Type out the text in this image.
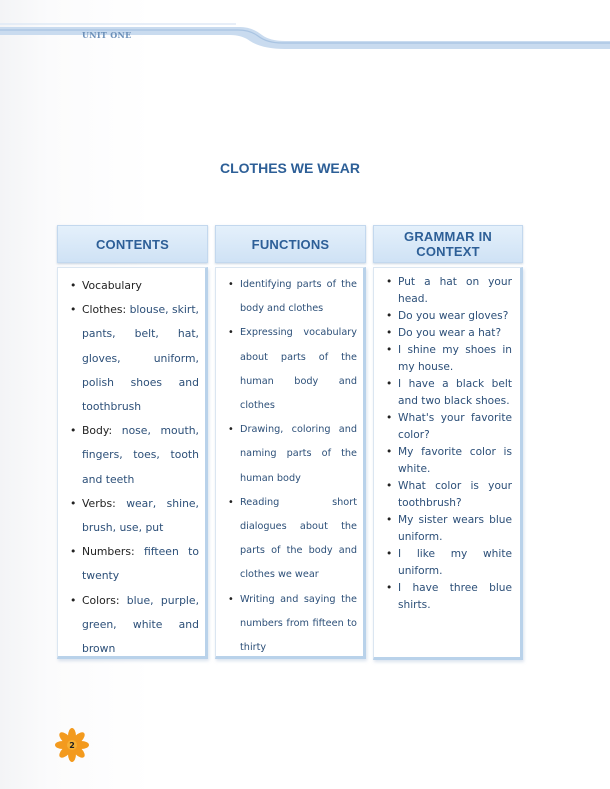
UNIT ONE
CLOTHES WE WEAR
CONTENTS
• Vocabulary
• Clothes: blouse, skirt, pants, belt, hat, gloves, uniform, polish shoes and toothbrush
• Body: nose, mouth, fingers, toes, tooth and teeth
• Verbs: wear, shine, brush, use, put
• Numbers: fifteen to twenty
• Colors: blue, purple, green, white and brown
FUNCTIONS
• Identifying parts of the body and clothes
• Expressing vocabulary about parts of the human body and clothes
• Drawing, coloring and naming parts of the human body
• Reading short dialogues about the parts of the body and clothes we wear
• Writing and saying the numbers from fifteen to thirty
GRAMMAR IN CONTEXT
• Put a hat on your head.
• Do you wear gloves?
• Do you wear a hat?
• I shine my shoes in my house.
• I have a black belt and two black shoes.
• What's your favorite color?
• My favorite color is white.
• What color is your toothbrush?
• My sister wears blue uniform.
• I like my white uniform.
• I have three blue shirts.
2
